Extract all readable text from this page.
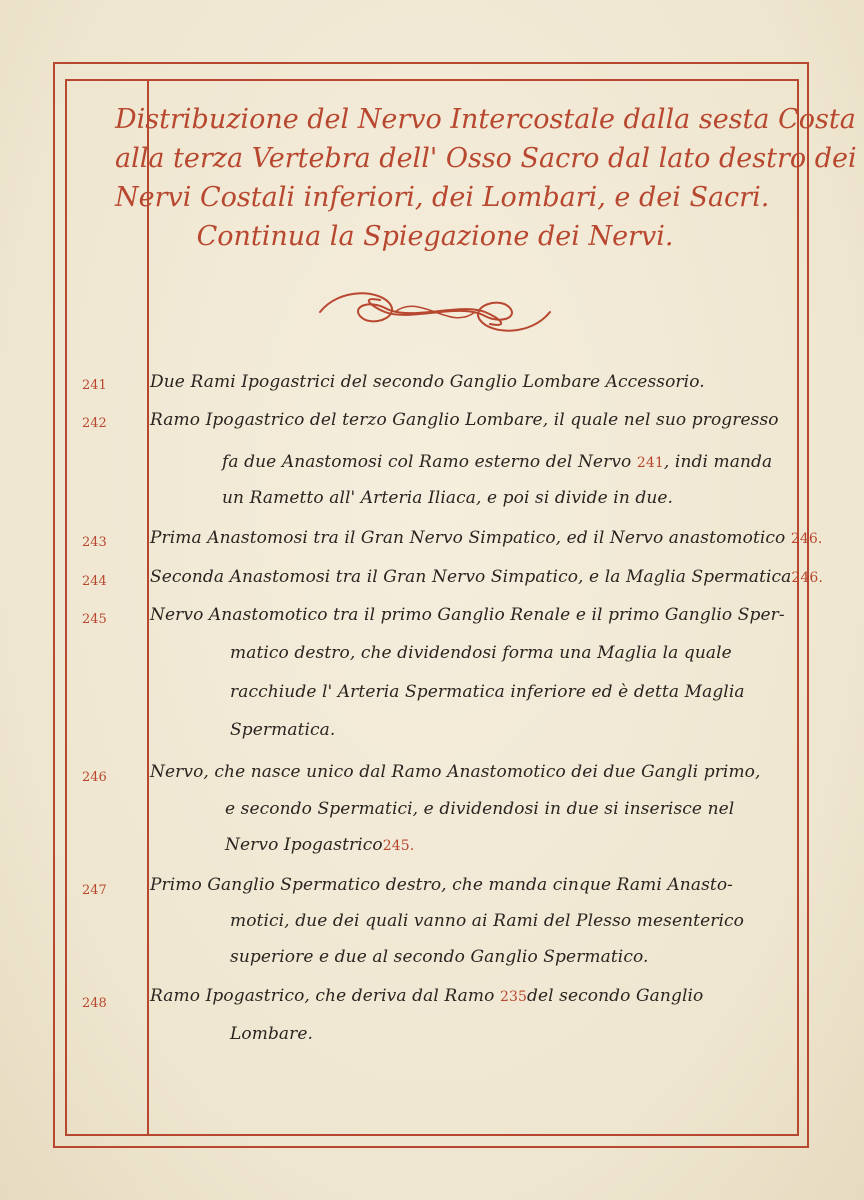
Distribuzione del Nervo Intercostale dalla sesta Costa
alla terza Vertebra dell' Osso Sacro dal lato destro dei
Nervi Costali inferiori, dei Lombari, e dei Sacri.
Continua la Spiegazione dei Nervi.
241	Due Rami Ipogastrici del secondo Ganglio Lombare Accessorio.
242	Ramo Ipogastrico del terzo Ganglio Lombare, il quale nel suo progresso
fa due Anastomosi col Ramo esterno del Nervo 241, indi manda
un Rametto all' Arteria Iliaca, e poi si divide in due.
243	Prima Anastomosi tra il Gran Nervo Simpatico, ed il Nervo anastomotico 246.
244	Seconda Anastomosi tra il Gran Nervo Simpatico, e la Maglia Spermatica246.
245	Nervo Anastomotico tra il primo Ganglio Renale e il primo Ganglio Sper-
matico destro, che dividendosi forma una Maglia la quale
racchiude l' Arteria Spermatica inferiore ed è detta Maglia
Spermatica.
246	Nervo, che nasce unico dal Ramo Anastomotico dei due Gangli primo,
e secondo Spermatici, e dividendosi in due si inserisce nel
Nervo Ipogastrico245.
247	Primo Ganglio Spermatico destro, che manda cinque Rami Anasto-
motici, due dei quali vanno ai Rami del Plesso mesenterico
superiore e due al secondo Ganglio Spermatico.
248	Ramo Ipogastrico, che deriva dal Ramo 235del secondo Ganglio
Lombare.
